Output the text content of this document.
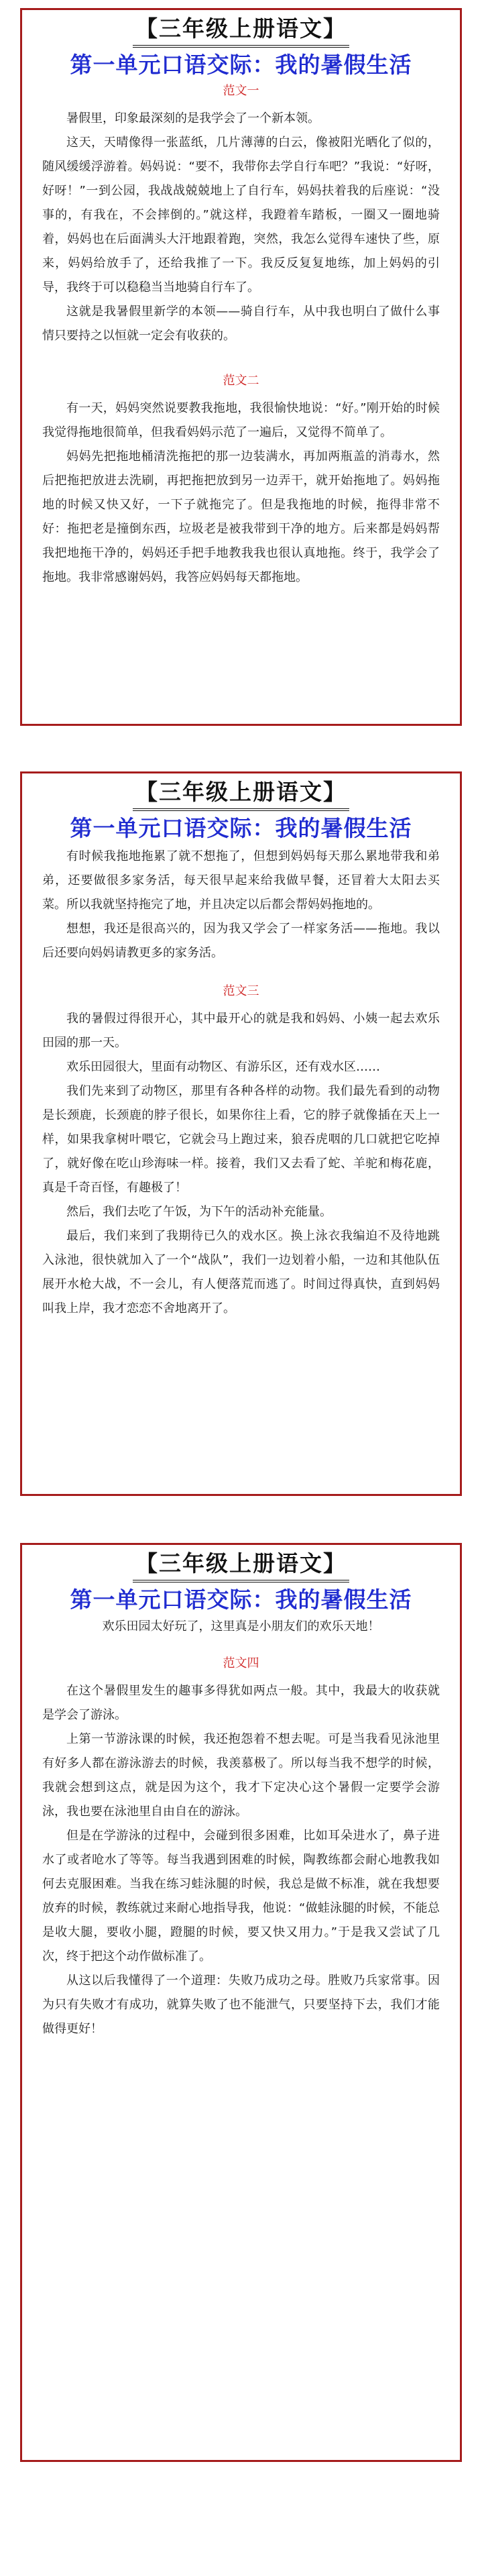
【三年级上册语文】
第一单元口语交际：我的暑假生活
范文一

暑假里，印象最深刻的是我学会了一个新本领。

这天，天晴像得一张蓝纸，几片薄薄的白云，像被阳光晒化了似的，随风缓缓浮游着。妈妈说：“要不，我带你去学自行车吧？”我说：“好呀，好呀！”一到公园，我战战兢兢地上了自行车，妈妈扶着我的后座说：“没事的，有我在，不会摔倒的。”就这样，我蹬着车踏板，一圈又一圈地骑着，妈妈也在后面满头大汗地跟着跑，突然，我怎么觉得车速快了些，原来，妈妈给放手了，还给我推了一下。我反反复复地练，加上妈妈的引导，我终于可以稳稳当当地骑自行车了。

这就是我暑假里新学的本领——骑自行车，从中我也明白了做什么事情只要持之以恒就一定会有收获的。

范文二

有一天，妈妈突然说要教我拖地，我很愉快地说：“好。”刚开始的时候我觉得拖地很简单，但我看妈妈示范了一遍后，又觉得不简单了。

妈妈先把拖地桶清洗拖把的那一边装满水，再加两瓶盖的消毒水，然后把拖把放进去洗刷，再把拖把放到另一边弄干，就开始拖地了。妈妈拖地的时候又快又好，一下子就拖完了。但是我拖地的时候，拖得非常不好：拖把老是撞倒东西，垃圾老是被我带到干净的地方。后来都是妈妈帮我把地拖干净的，妈妈还手把手地教我我也很认真地拖。终于，我学会了拖地。我非常感谢妈妈，我答应妈妈每天都拖地。

【三年级上册语文】
第一单元口语交际：我的暑假生活

有时候我拖地拖累了就不想拖了，但想到妈妈每天那么累地带我和弟弟，还要做很多家务活，每天很早起来给我做早餐，还冒着大太阳去买菜。所以我就坚持拖完了地，并且决定以后都会帮妈妈拖地的。

想想，我还是很高兴的，因为我又学会了一样家务活——拖地。我以后还要向妈妈请教更多的家务活。

范文三

我的暑假过得很开心，其中最开心的就是我和妈妈、小姨一起去欢乐田园的那一天。

欢乐田园很大，里面有动物区、有游乐区，还有戏水区……

我们先来到了动物区，那里有各种各样的动物。我们最先看到的动物是长颈鹿，长颈鹿的脖子很长，如果你往上看，它的脖子就像插在天上一样，如果我拿树叶喂它，它就会马上跑过来，狼吞虎咽的几口就把它吃掉了，就好像在吃山珍海味一样。接着，我们又去看了蛇、羊驼和梅花鹿，真是千奇百怪，有趣极了！

然后，我们去吃了午饭，为下午的活动补充能量。

最后，我们来到了我期待已久的戏水区。换上泳衣我编迫不及待地跳入泳池，很快就加入了一个“战队”，我们一边划着小船，一边和其他队伍展开水枪大战，不一会儿，有人便落荒而逃了。时间过得真快，直到妈妈叫我上岸，我才恋恋不舍地离开了。

【三年级上册语文】
第一单元口语交际：我的暑假生活

欢乐田园太好玩了，这里真是小朋友们的欢乐天地！

范文四

在这个暑假里发生的趣事多得犹如两点一般。其中，我最大的收获就是学会了游泳。

上第一节游泳课的时候，我还抱怨着不想去呢。可是当我看见泳池里有好多人都在游泳游去的时候，我羡慕极了。所以每当我不想学的时候，我就会想到这点，就是因为这个，我才下定决心这个暑假一定要学会游泳，我也要在泳池里自由自在的游泳。

但是在学游泳的过程中，会碰到很多困难，比如耳朵进水了，鼻子进水了或者呛水了等等。每当我遇到困难的时候，陶教练都会耐心地教我如何去克服困难。当我在练习蛙泳腿的时候，我总是做不标准，就在我想要放弃的时候，教练就过来耐心地指导我，他说：“做蛙泳腿的时候，不能总是收大腿，要收小腿，蹬腿的时候，要又快又用力。”于是我又尝试了几次，终于把这个动作做标准了。

从这以后我懂得了一个道理：失败乃成功之母。胜败乃兵家常事。因为只有失败才有成功，就算失败了也不能泄气，只要坚持下去，我们才能做得更好！
